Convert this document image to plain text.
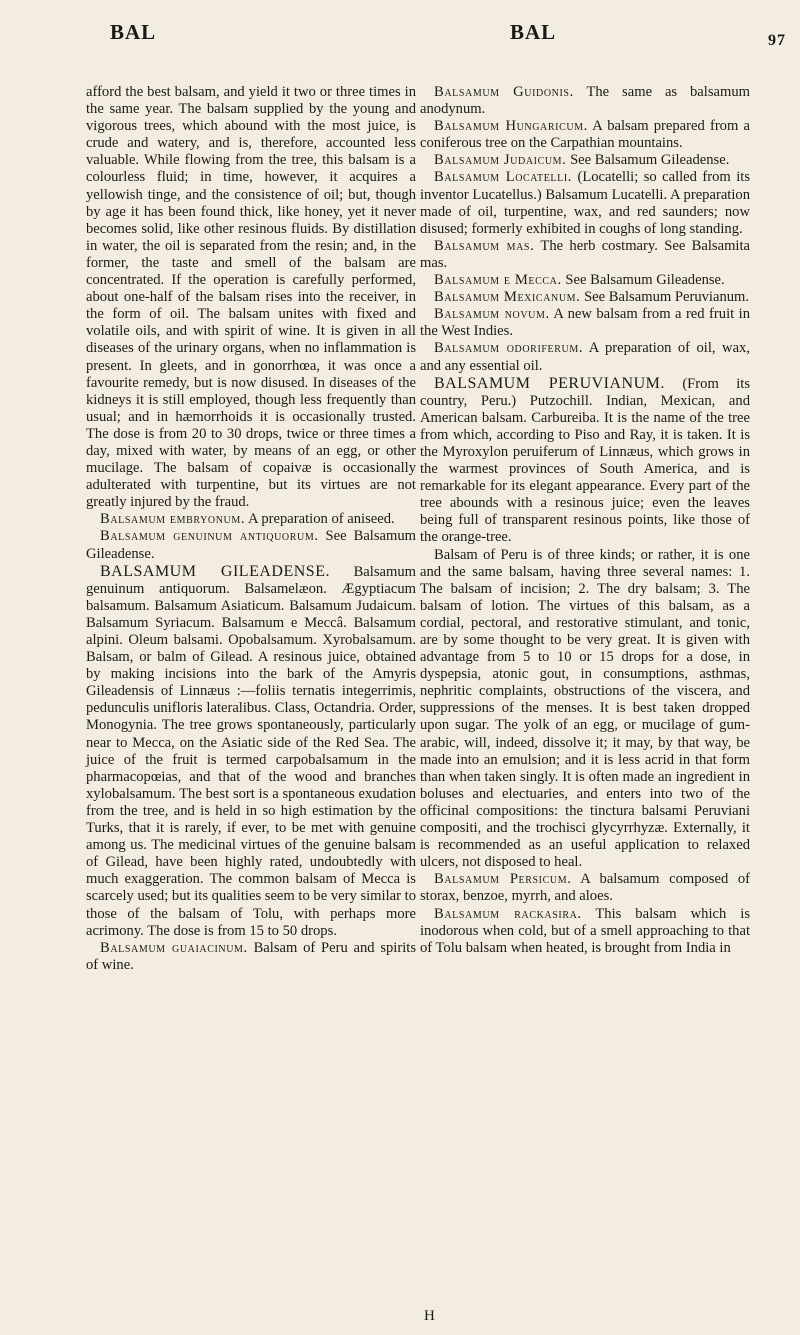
BAL	BAL	97

afford the best balsam, and yield it two or three times in the same year. The balsam supplied by the young and vigorous trees, which abound with the most juice, is crude and watery, and is, therefore, accounted less valuable. While flowing from the tree, this balsam is a colourless fluid; in time, however, it acquires a yellowish tinge, and the consistence of oil; but, though by age it has been found thick, like honey, yet it never becomes solid, like other resinous fluids. By distillation in water, the oil is separated from the resin; and, in the former, the taste and smell of the balsam are concentrated. If the operation is carefully performed, about one-half of the balsam rises into the receiver, in the form of oil. The balsam unites with fixed and volatile oils, and with spirit of wine. It is given in all diseases of the urinary organs, when no inflammation is present. In gleets, and in gonorrhœa, it was once a favourite remedy, but is now disused. In diseases of the kidneys it is still employed, though less frequently than usual; and in hæmorrhoids it is occasionally trusted. The dose is from 20 to 30 drops, twice or three times a day, mixed with water, by means of an egg, or other mucilage. The balsam of copaivæ is occasionally adulterated with turpentine, but its virtues are not greatly injured by the fraud.

Balsamum embryonum. A preparation of aniseed.

Balsamum genuinum antiquorum. See Balsamum Gileadense.

BALSAMUM GILEADENSE. Balsamum genuinum antiquorum. Balsamelæon. Ægyptiacum balsamum. Balsamum Asiaticum. Balsamum Judaicum. Balsamum Syriacum. Balsamum e Meccâ. Balsamum alpini. Oleum balsami. Opobalsamum. Xyrobalsamum. Balsam, or balm of Gilead. A resinous juice, obtained by making incisions into the bark of the Amyris Gileadensis of Linnæus :—foliis ternatis integerrimis, pedunculis unifloris lateralibus. Class, Octandria. Order, Monogynia. The tree grows spontaneously, particularly near to Mecca, on the Asiatic side of the Red Sea. The juice of the fruit is termed carpobalsamum in the pharmacopœias, and that of the wood and branches xylobalsamum. The best sort is a spontaneous exudation from the tree, and is held in so high estimation by the Turks, that it is rarely, if ever, to be met with genuine among us. The medicinal virtues of the genuine balsam of Gilead, have been highly rated, undoubtedly with much exaggeration. The common balsam of Mecca is scarcely used; but its qualities seem to be very similar to those of the balsam of Tolu, with perhaps more acrimony. The dose is from 15 to 50 drops.

Balsamum guaiacinum. Balsam of Peru and spirits of wine.

Balsamum Guidonis. The same as balsamum anodynum.

Balsamum Hungaricum. A balsam prepared from a coniferous tree on the Carpathian mountains.

Balsamum Judaicum. See Balsamum Gileadense.

Balsamum Locatelli. (Locatelli; so called from its inventor Lucatellus.) Balsamum Lucatelli. A preparation made of oil, turpentine, wax, and red saunders; now disused; formerly exhibited in coughs of long standing.

Balsamum mas. The herb costmary. See Balsamita mas.

Balsamum e Mecca. See Balsamum Gileadense.

Balsamum Mexicanum. See Balsamum Peruvianum.

Balsamum novum. A new balsam from a red fruit in the West Indies.

Balsamum odoriferum. A preparation of oil, wax, and any essential oil.

BALSAMUM PERUVIANUM. (From its country, Peru.) Putzochill. Indian, Mexican, and American balsam. Carbureiba. It is the name of the tree from which, according to Piso and Ray, it is taken. It is the Myroxylon peruiferum of Linnæus, which grows in the warmest provinces of South America, and is remarkable for its elegant appearance. Every part of the tree abounds with a resinous juice; even the leaves being full of transparent resinous points, like those of the orange-tree.

Balsam of Peru is of three kinds; or rather, it is one and the same balsam, having three several names: 1. The balsam of incision; 2. The dry balsam; 3. The balsam of lotion. The virtues of this balsam, as a cordial, pectoral, and restorative stimulant, and tonic, are by some thought to be very great. It is given with advantage from 5 to 10 or 15 drops for a dose, in dyspepsia, atonic gout, in consumptions, asthmas, nephritic complaints, obstructions of the viscera, and suppressions of the menses. It is best taken dropped upon sugar. The yolk of an egg, or mucilage of gum-arabic, will, indeed, dissolve it; it may, by that way, be made into an emulsion; and it is less acrid in that form than when taken singly. It is often made an ingredient in boluses and electuaries, and enters into two of the officinal compositions: the tinctura balsami Peruviani compositi, and the trochisci glycyrrhyzæ. Externally, it is recommended as an useful application to relaxed ulcers, not disposed to heal.

Balsamum Persicum. A balsamum composed of storax, benzoe, myrrh, and aloes.

Balsamum rackasira. This balsam which is inodorous when cold, but of a smell approaching to that of Tolu balsam when heated, is brought from India in

H
